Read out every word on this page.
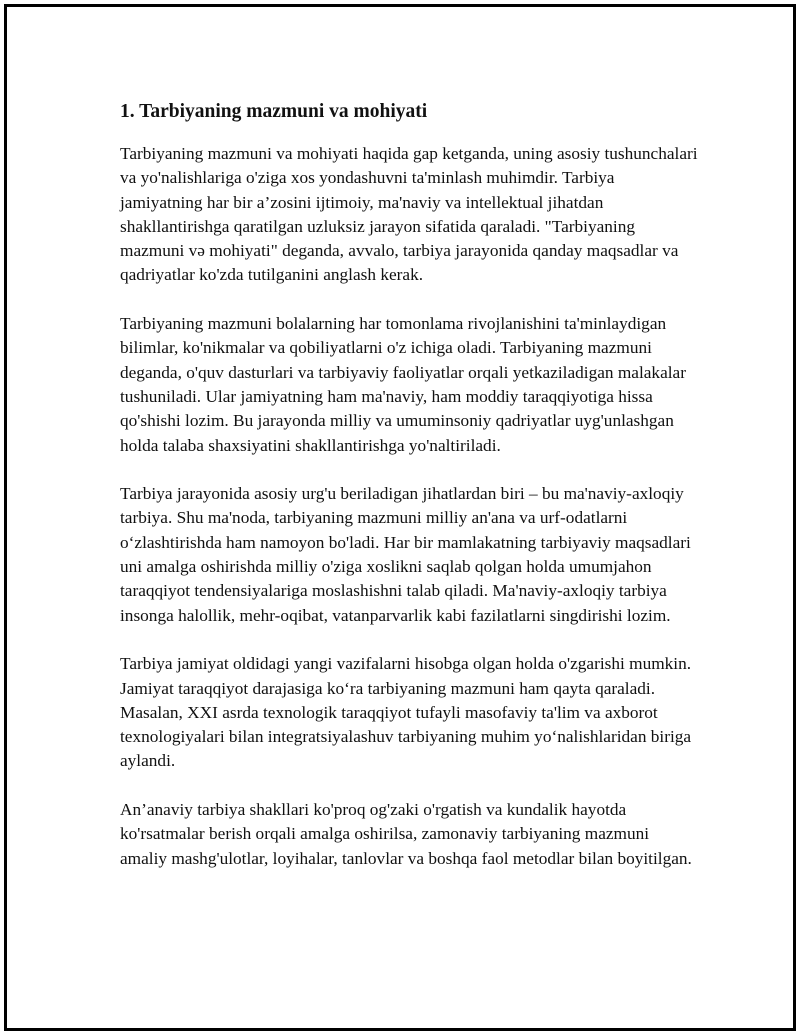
1. Tarbiyaning mazmuni va mohiyati

Tarbiyaning mazmuni va mohiyati haqida gap ketganda, uning asosiy tushunchalari va yo'nalishlariga o'ziga xos yondashuvni ta'minlash muhimdir. Tarbiya jamiyatning har bir a’zosini ijtimoiy, ma'naviy va intellektual jihatdan shakllantirishga qaratilgan uzluksiz jarayon sifatida qaraladi. "Tarbiyaning mazmuni və mohiyati" deganda, avvalo, tarbiya jarayonida qanday maqsadlar va qadriyatlar ko'zda tutilganini anglash kerak.

Tarbiyaning mazmuni bolalarning har tomonlama rivojlanishini ta'minlaydigan bilimlar, ko'nikmalar va qobiliyatlarni o'z ichiga oladi. Tarbiyaning mazmuni deganda, o'quv dasturlari va tarbiyaviy faoliyatlar orqali yetkaziladigan malakalar tushuniladi. Ular jamiyatning ham ma'naviy, ham moddiy taraqqiyotiga hissa qo'shishi lozim. Bu jarayonda milliy va umuminsoniy qadriyatlar uyg'unlashgan holda talaba shaxsiyatini shakllantirishga yo'naltiriladi.

Tarbiya jarayonida asosiy urg'u beriladigan jihatlardan biri – bu ma'naviy-axloqiy tarbiya. Shu ma'noda, tarbiyaning mazmuni milliy an'ana va urf-odatlarni o‘zlashtirishda ham namoyon bo'ladi. Har bir mamlakatning tarbiyaviy maqsadlari uni amalga oshirishda milliy o'ziga xoslikni saqlab qolgan holda umumjahon taraqqiyot tendensiyalariga moslashishni talab qiladi. Ma'naviy-axloqiy tarbiya insonga halollik, mehr-oqibat, vatanparvarlik kabi fazilatlarni singdirishi lozim.

Tarbiya jamiyat oldidagi yangi vazifalarni hisobga olgan holda o'zgarishi mumkin. Jamiyat taraqqiyot darajasiga ko‘ra tarbiyaning mazmuni ham qayta qaraladi. Masalan, XXI asrda texnologik taraqqiyot tufayli masofaviy ta'lim va axborot texnologiyalari bilan integratsiyalashuv tarbiyaning muhim yo‘nalishlaridan biriga aylandi.

An’anaviy tarbiya shakllari ko'proq og'zaki o'rgatish va kundalik hayotda ko'rsatmalar berish orqali amalga oshirilsa, zamonaviy tarbiyaning mazmuni amaliy mashg'ulotlar, loyihalar, tanlovlar va boshqa faol metodlar bilan boyitilgan.
